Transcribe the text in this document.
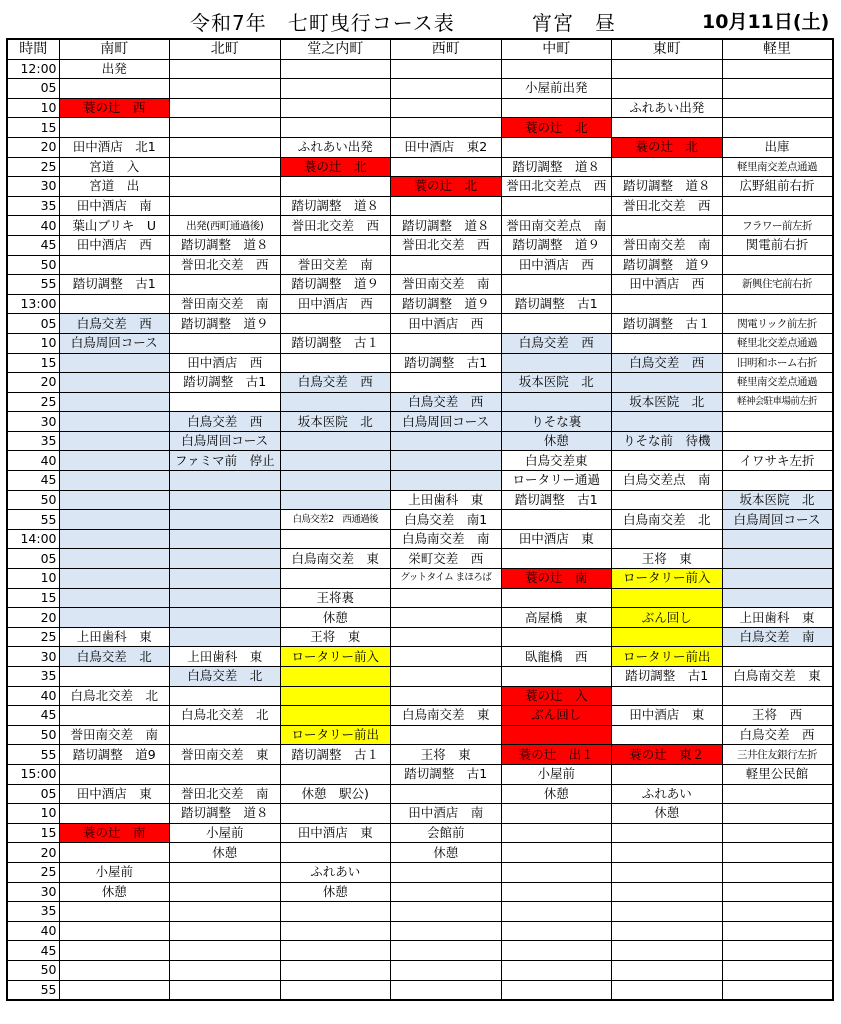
令和7年　七町曳行コース表	宵宮　昼	10月11日(土)
時間	南町	北町	堂之内町	西町	中町	東町	軽里
12:00	出発						
05					小屋前出発		
10	蓑の辻　西					ふれあい出発	
15					蓑の辻　北		
20	田中酒店　北1		ふれあい出発	田中酒店　東2		蓑の辻　北	出庫
25	宮道　入		蓑の辻　北		踏切調整　道８		軽里南交差点通過
30	宮道　出			蓑の辻　北	誉田北交差点　西	踏切調整　道８	広野組前右折
35	田中酒店　南		踏切調整　道８			誉田北交差　西	
40	葉山ブリキ　U	出発(西町通過後)	誉田北交差　西	踏切調整　道８	誉田南交差点　南		フラワー前左折
45	田中酒店　西	踏切調整　道８		誉田北交差　西	踏切調整　道９	誉田南交差　南	関電前右折
50		誉田北交差　西	誉田交差　南		田中酒店　西	踏切調整　道９	
55	踏切調整　古1		踏切調整　道９	誉田南交差　南		田中酒店　西	新興住宅前右折
13:00		誉田南交差　南	田中酒店　西	踏切調整　道９	踏切調整　古1		
05	白鳥交差　西	踏切調整　道９		田中酒店　西		踏切調整　古１	関電リック前左折
10	白鳥周回コース		踏切調整　古１		白鳥交差　西		軽里北交差点通過
15		田中酒店　西		踏切調整　古1		白鳥交差　西	旧明和ホーム右折
20		踏切調整　古1	白鳥交差　西		坂本医院　北		軽里南交差点通過
25				白鳥交差　西		坂本医院　北	軽神会駐車場前左折
30		白鳥交差　西	坂本医院　北	白鳥周回コース	りそな裏		
35		白鳥周回コース			休憩	りそな前　待機	
40		ファミマ前　停止			白鳥交差東		イワサキ左折
45					ロータリー通過	白鳥交差点　南	
50				上田歯科　東	踏切調整　古1		坂本医院　北
55			白鳥交差2　西通過後	白鳥交差　南1		白鳥南交差　北	白鳥周回コース
14:00				白鳥南交差　南	田中酒店　東		
05			白鳥南交差　東	栄町交差　西		王将　東	
10				グットタイム まほろば	蓑の辻　南	ロータリー前入	
15			王将裏				
20			休憩		高屋橋　東	ぶん回し	上田歯科　東
25	上田歯科　東		王将　東				白鳥交差　南
30	白鳥交差　北	上田歯科　東	ロータリー前入		臥龍橋　西	ロータリー前出	
35		白鳥交差　北				踏切調整　古1	白鳥南交差　東
40	白鳥北交差　北				蓑の辻　入		
45		白鳥北交差　北		白鳥南交差　東	ぶん回し	田中酒店　東	王将　西
50	誉田南交差　南		ロータリー前出				白鳥交差　西
55	踏切調整　道9	誉田南交差　東	踏切調整　古１	王将　東	蓑の辻　出１	蓑の辻　東２	三井住友銀行左折
15:00				踏切調整　古1	小屋前		軽里公民館
05	田中酒店　東	誉田北交差　南	休憩　駅公)		休憩	ふれあい	
10		踏切調整　道８		田中酒店　南		休憩	
15	蓑の辻　南	小屋前	田中酒店　東	会館前			
20		休憩		休憩			
25	小屋前		ふれあい				
30	休憩		休憩				
35							
40							
45							
50							
55							
